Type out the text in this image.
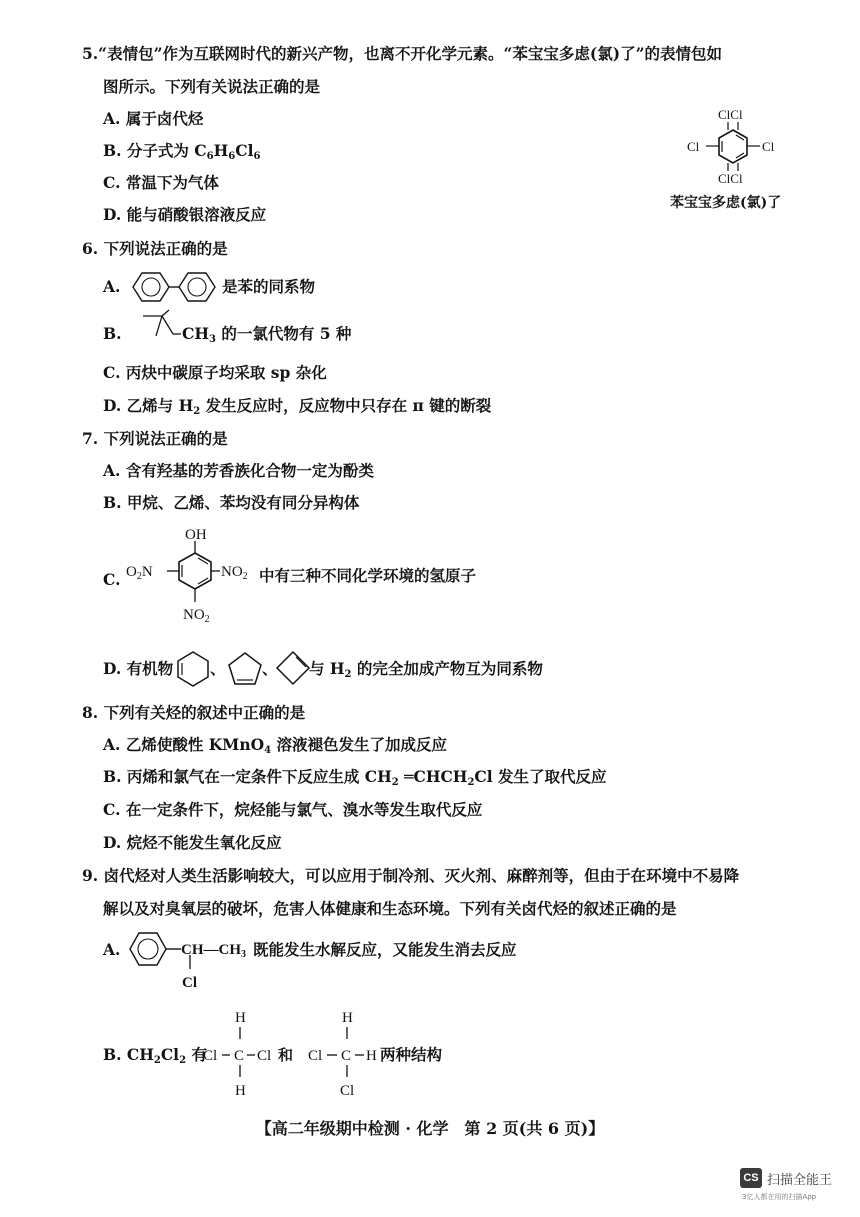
5.“表情包”作为互联网时代的新兴产物，也离不开化学元素。“苯宝宝多虑(氯)了”的表情包如
图所示。下列有关说法正确的是
A. 属于卤代烃
B. 分子式为 $C_6H_6Cl_6$
C. 常温下为气体
D. 能与硝酸银溶液反应
ClCl
ClCl
Cl	Cl
苯宝宝多虑(氯)了
6. 下列说法正确的是
A.	是苯的同系物
B.	$CH_3$ 的一氯代物有 5 种
C. 丙炔中碳原子均采取 sp 杂化
D. 乙烯与 $H_2$ 发生反应时，反应物中只存在 π 键的断裂
7. 下列说法正确的是
A. 含有羟基的芳香族化合物一定为酚类
B. 甲烷、乙烯、苯均没有同分异构体
C.
OH
$O_2N$	$NO_2$
$NO_2$
中有三种不同化学环境的氢原子
D. 有机物 、 、 与 $H_2$ 的完全加成产物互为同系物
8. 下列有关烃的叙述中正确的是
A. 乙烯使酸性 KMnO$_4$ 溶液褪色发生了加成反应
B. 丙烯和氯气在一定条件下反应生成 $CH_2$ $═CHCH_2Cl$ 发生了取代反应
C. 在一定条件下，烷烃能与氯气、溴水等发生取代反应
D. 烷烃不能发生氧化反应
9. 卤代烃对人类生活影响较大，可以应用于制冷剂、灭火剂、麻醉剂等，但由于在环境中不易降
解以及对臭氧层的破坏，危害人体健康和生态环境。下列有关卤代烃的叙述正确的是
A.	$CH—CH_3$
Cl
既能发生水解反应，又能发生消去反应
B. $CH_2Cl_2$ 有
H
Cl C Cl
H
和
H
Cl C H
Cl
两种结构
【高二年级期中检测 · 化学　第 2 页(共 6 页)】
CS 扫描全能王
3亿人都在用的扫描App
